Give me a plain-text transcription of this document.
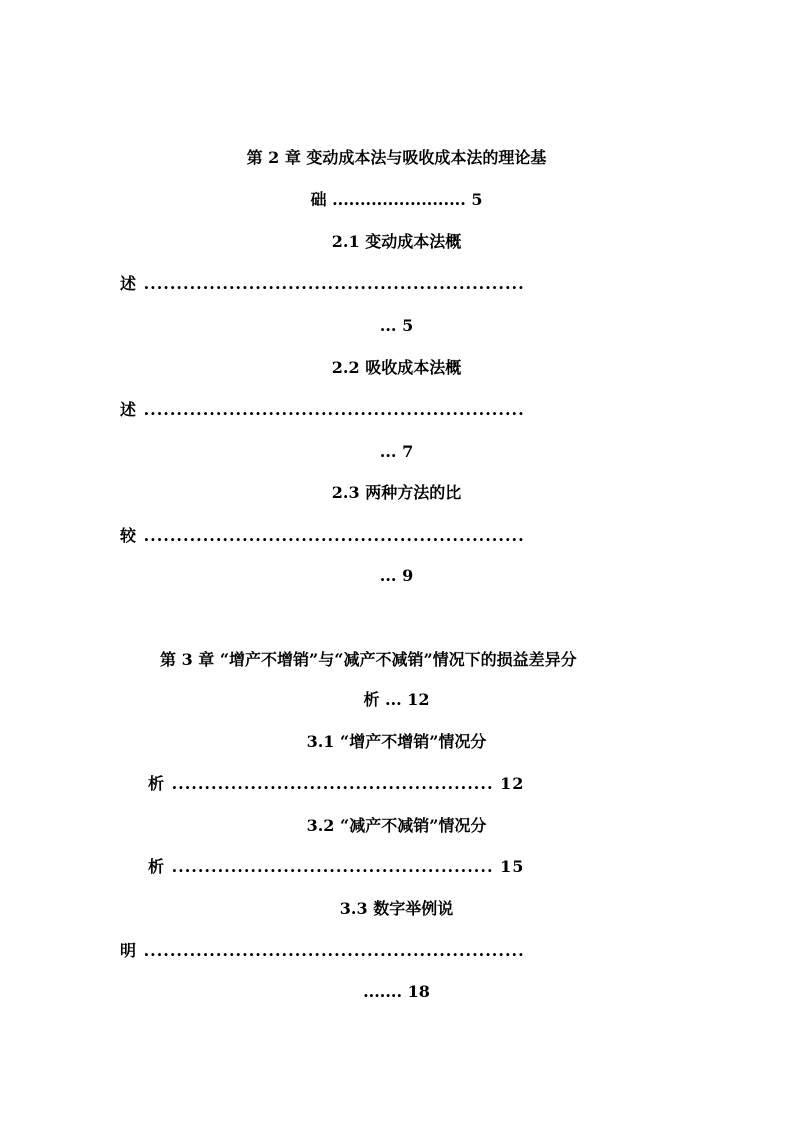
第 2 章 变动成本法与吸收成本法的理论基
础 ........................ 5
2.1 变动成本法概
述 ..........................................................
... 5
2.2 吸收成本法概
述 ..........................................................
... 7
2.3 两种方法的比
较 ..........................................................
... 9
第 3 章 “增产不增销”与“减产不减销”情况下的损益差异分
析 ... 12
3.1 “增产不增销”情况分
析 ................................................. 12
3.2 “减产不减销”情况分
析 ................................................. 15
3.3 数字举例说
明 ..........................................................
....... 18
